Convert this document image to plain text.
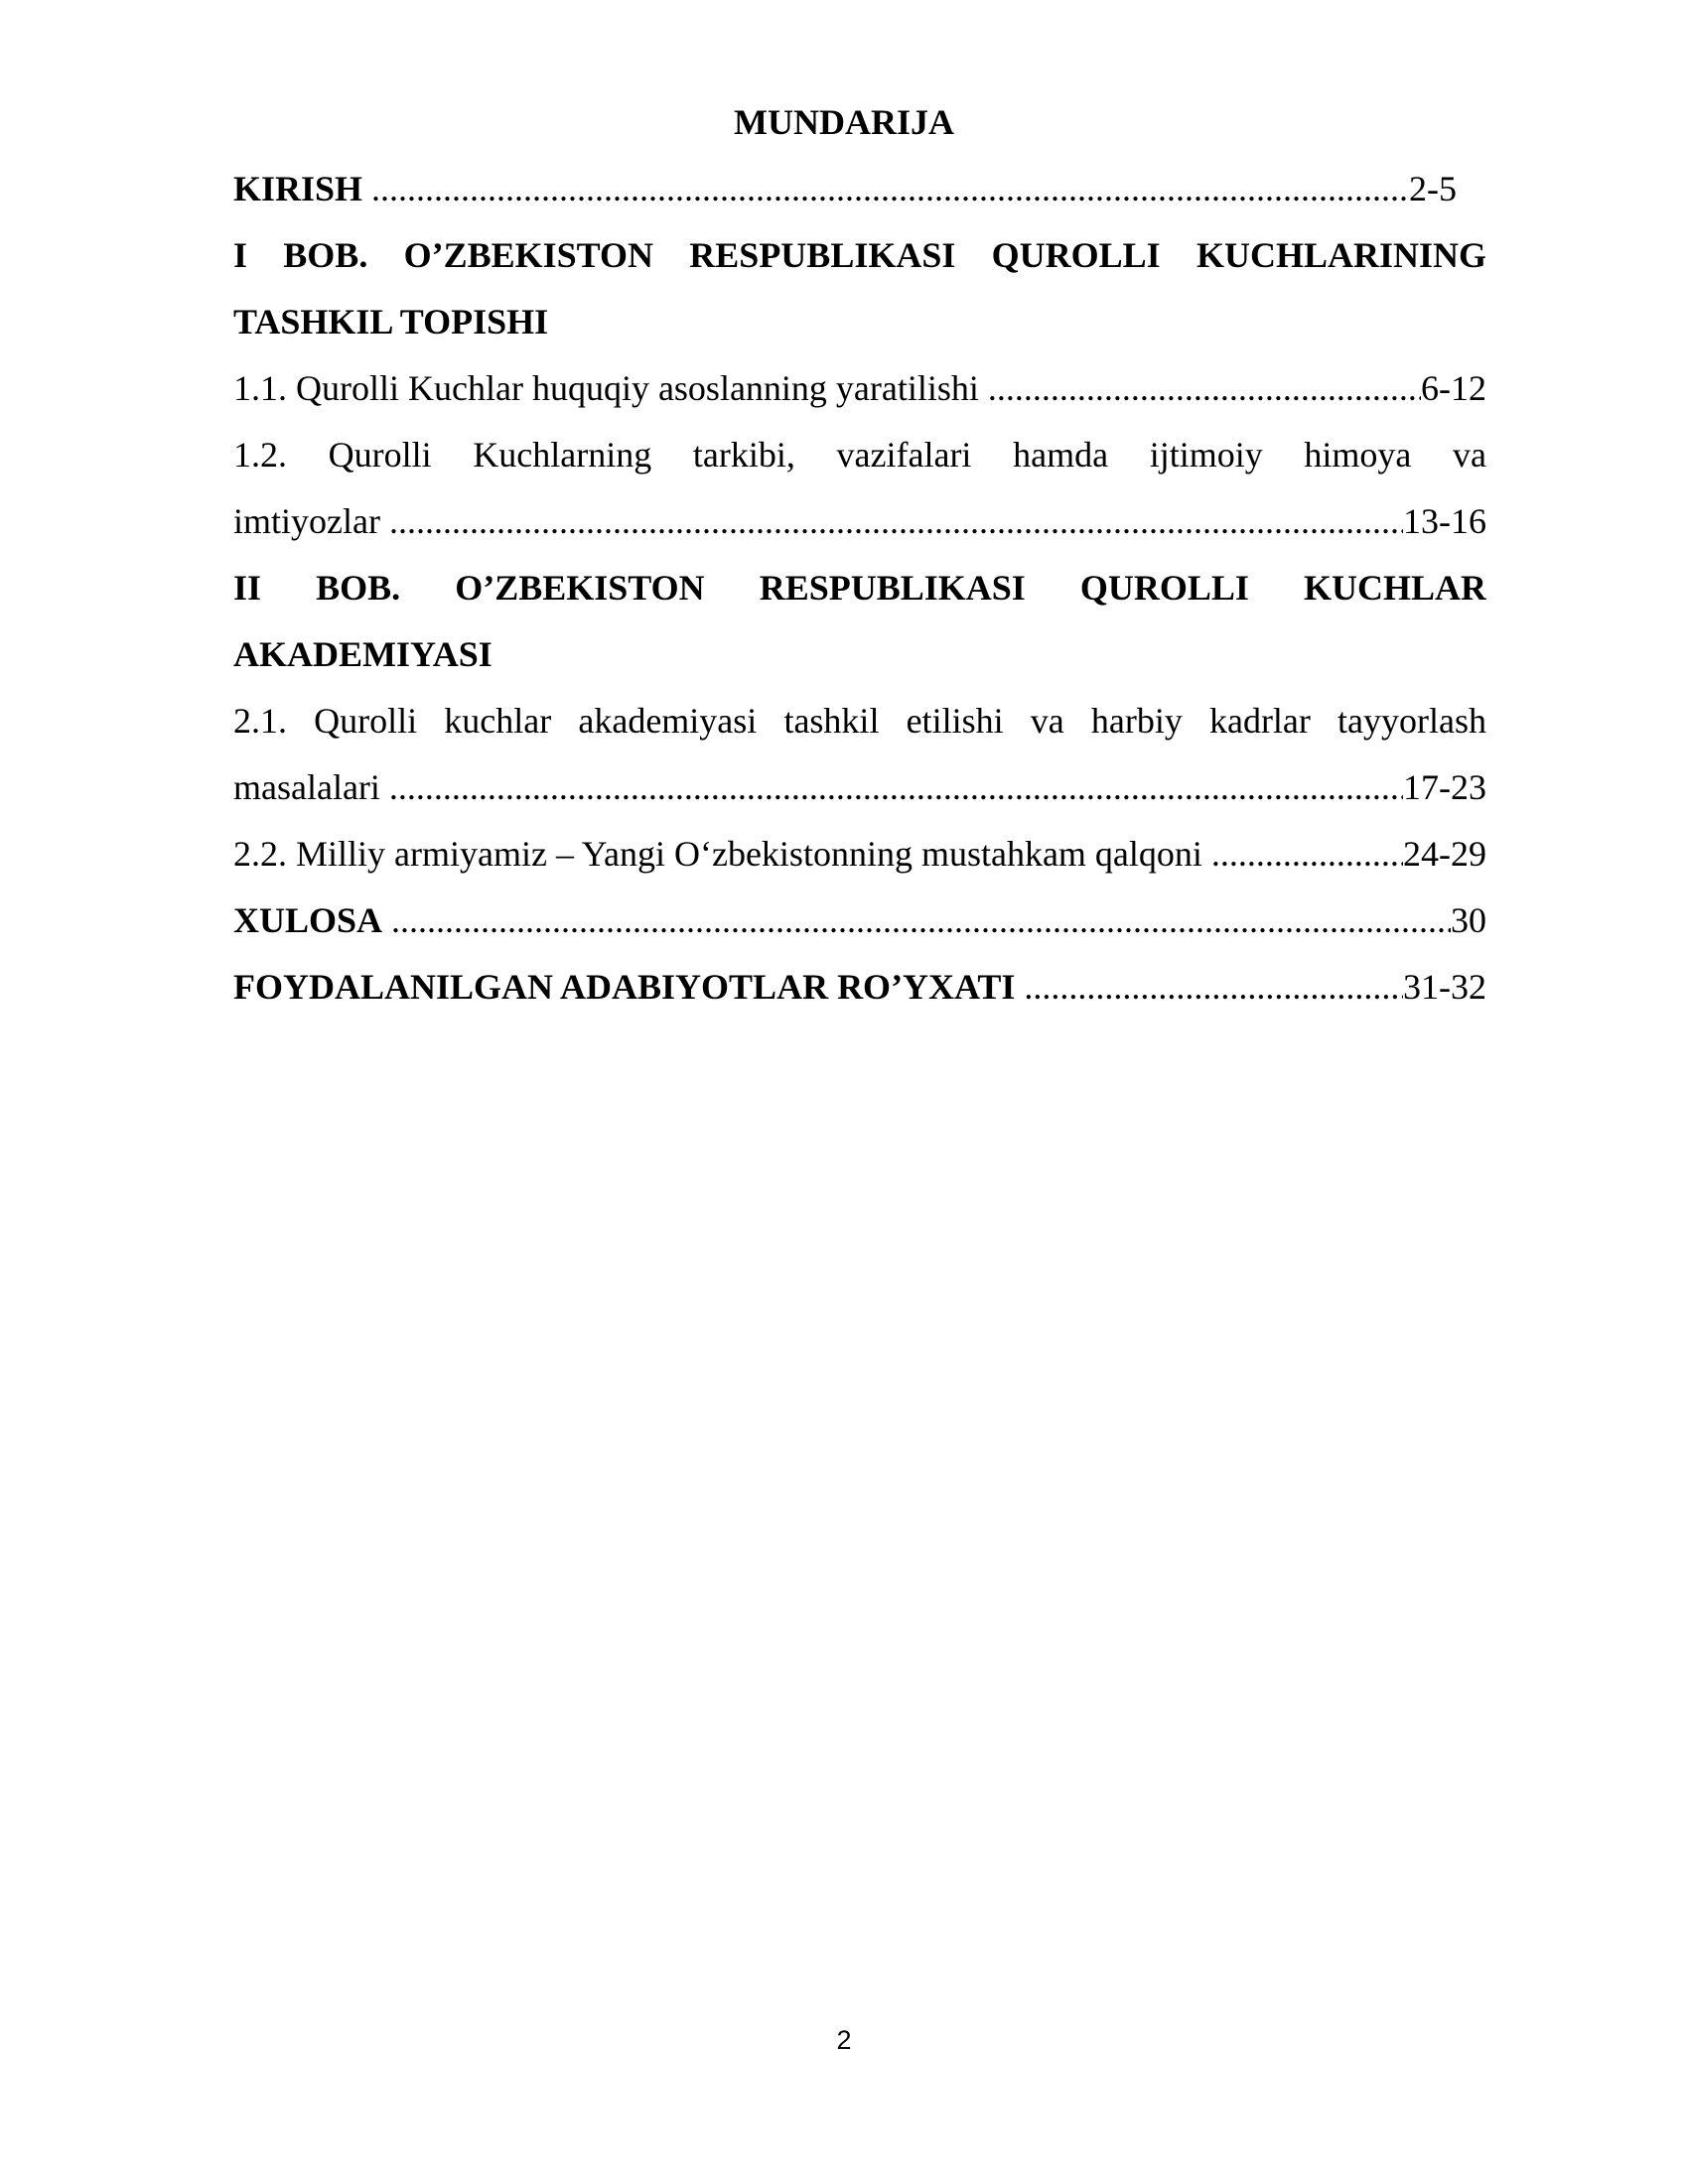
MUNDARIJA
KIRISH .....	2-5
I BOB. O’ZBEKISTON RESPUBLIKASI QUROLLI KUCHLARINING
TASHKIL TOPISHI
1.1. Qurolli Kuchlar huquqiy asoslanning yaratilishi .....	6-12
1.2. Qurolli Kuchlarning tarkibi, vazifalari hamda ijtimoiy himoya va
imtiyozlar .....	13-16
II BOB. O’ZBEKISTON RESPUBLIKASI QUROLLI KUCHLAR
AKADEMIYASI
2.1. Qurolli kuchlar akademiyasi tashkil etilishi va harbiy kadrlar tayyorlash
masalalari .....	17-23
2.2. Milliy armiyamiz – Yangi O‘zbekistonning mustahkam qalqoni .....	24-29
XULOSA .....	30
FOYDALANILGAN ADABIYOTLAR RO’YXATI .....	31-32
2
